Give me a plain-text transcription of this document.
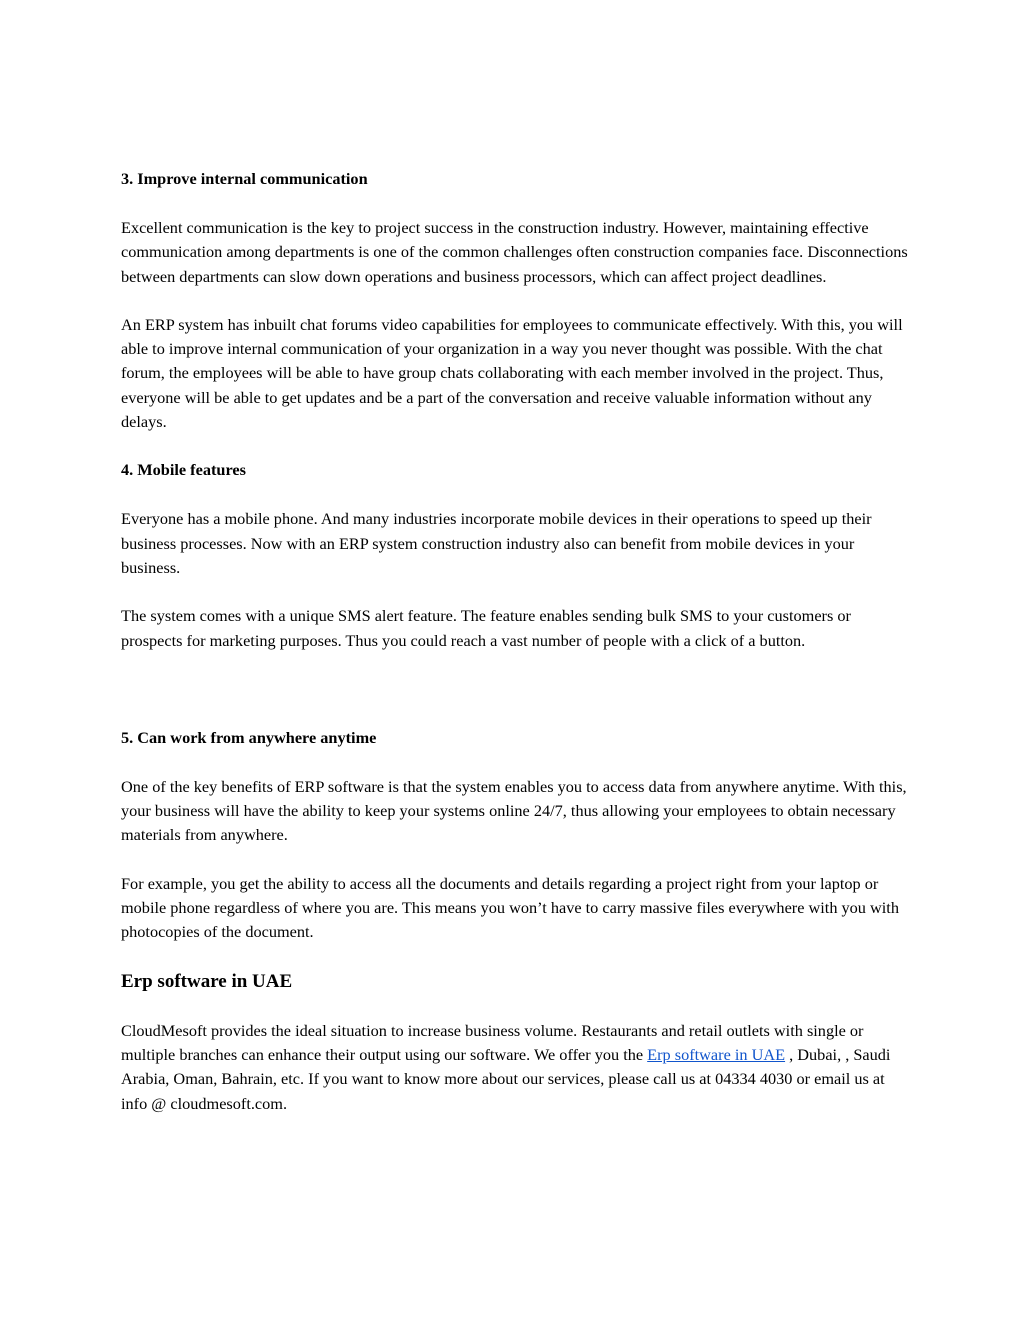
3. Improve internal communication
Excellent communication is the key to project success in the construction industry. However, maintaining effective communication among departments is one of the common challenges often construction companies face. Disconnections between departments can slow down operations and business processors, which can affect project deadlines.
An ERP system has inbuilt chat forums video capabilities for employees to communicate effectively. With this, you will able to improve internal communication of your organization in a way you never thought was possible. With the chat forum, the employees will be able to have group chats collaborating with each member involved in the project. Thus, everyone will be able to get updates and be a part of the conversation and receive valuable information without any delays.
4. Mobile features
Everyone has a mobile phone. And many industries incorporate mobile devices in their operations to speed up their business processes. Now with an ERP system construction industry also can benefit from mobile devices in your business.
The system comes with a unique SMS alert feature. The feature enables sending bulk SMS to your customers or prospects for marketing purposes. Thus you could reach a vast number of people with a click of a button.
5. Can work from anywhere anytime
One of the key benefits of ERP software is that the system enables you to access data from anywhere anytime. With this, your business will have the ability to keep your systems online 24/7, thus allowing your employees to obtain necessary materials from anywhere.
For example, you get the ability to access all the documents and details regarding a project right from your laptop or mobile phone regardless of where you are. This means you won’t have to carry massive files everywhere with you with photocopies of the document.
Erp software in UAE
CloudMesoft provides the ideal situation to increase business volume. Restaurants and retail outlets with single or multiple branches can enhance their output using our software. We offer you the Erp software in UAE , Dubai, , Saudi Arabia, Oman, Bahrain, etc. If you want to know more about our services, please call us at 04334 4030 or email us at info @ cloudmesoft.com.
